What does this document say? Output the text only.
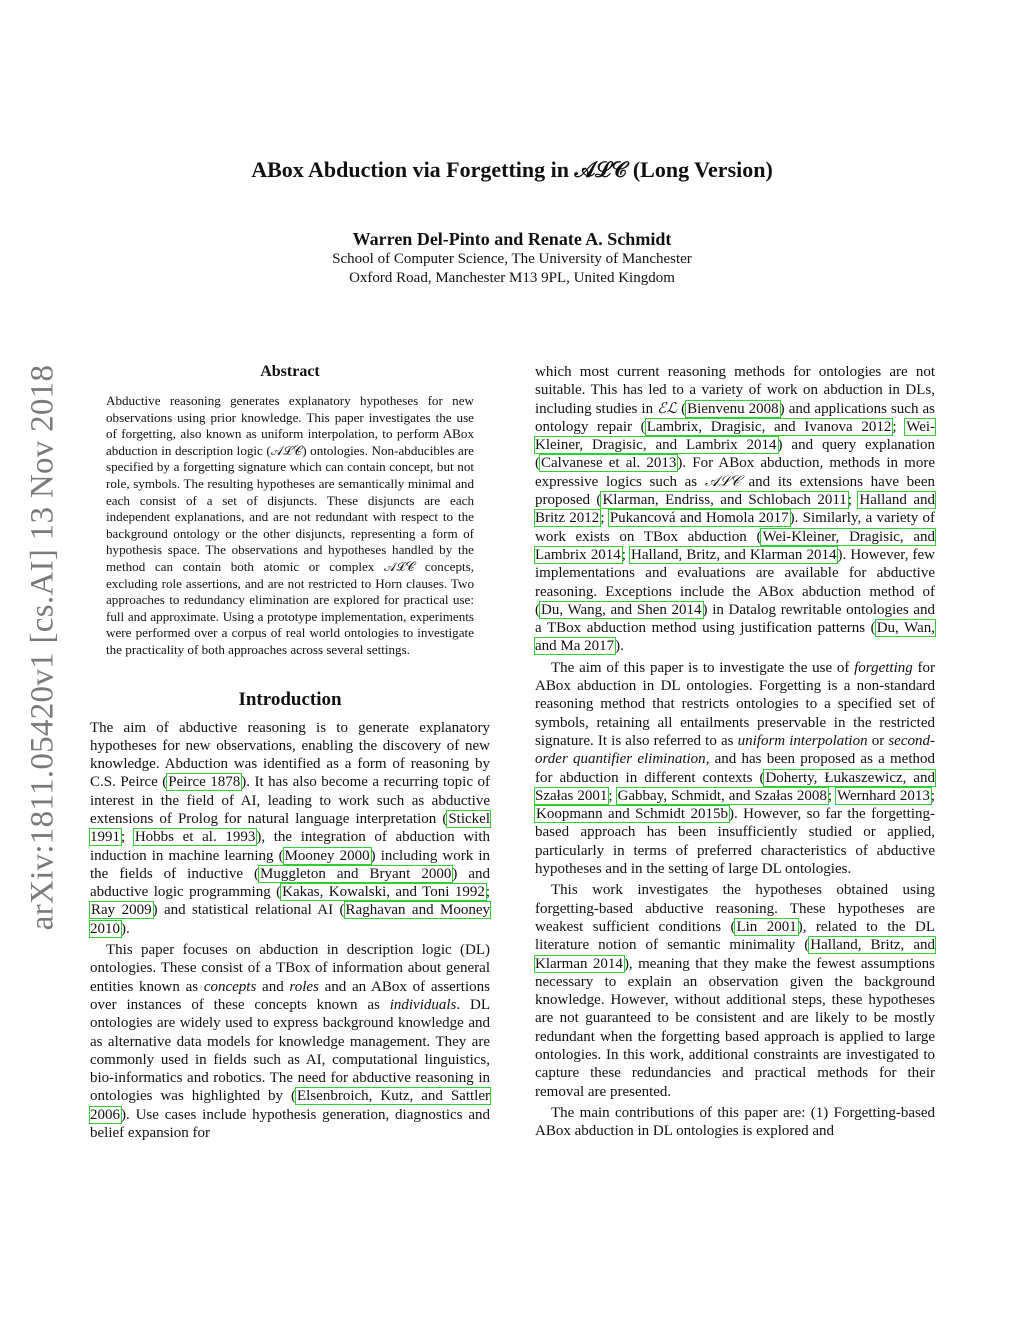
arXiv:1811.05420v1 [cs.AI] 13 Nov 2018
ABox Abduction via Forgetting in 𝒜ℒ𝒞 (Long Version)
Warren Del-Pinto and Renate A. Schmidt
School of Computer Science, The University of Manchester
Oxford Road, Manchester M13 9PL, United Kingdom
Abstract

Abductive reasoning generates explanatory hypotheses for new observations using prior knowledge. This paper investigates the use of forgetting, also known as uniform interpolation, to perform ABox abduction in description logic (𝒜ℒ𝒞) ontologies. Non-abducibles are specified by a forgetting signature which can contain concept, but not role, symbols. The resulting hypotheses are semantically minimal and each consist of a set of disjuncts. These disjuncts are each independent explanations, and are not redundant with respect to the background ontology or the other disjuncts, representing a form of hypothesis space. The observations and hypotheses handled by the method can contain both atomic or complex 𝒜ℒ𝒞 concepts, excluding role assertions, and are not restricted to Horn clauses. Two approaches to redundancy elimination are explored for practical use: full and approximate. Using a prototype implementation, experiments were performed over a corpus of real world ontologies to investigate the practicality of both approaches across several settings.

Introduction

The aim of abductive reasoning is to generate explanatory hypotheses for new observations, enabling the discovery of new knowledge. Abduction was identified as a form of reasoning by C.S. Peirce (Peirce 1878). It has also become a recurring topic of interest in the field of AI, leading to work such as abductive extensions of Prolog for natural language interpretation (Stickel 1991; Hobbs et al. 1993), the integration of abduction with induction in machine learning (Mooney 2000) including work in the fields of inductive (Muggleton and Bryant 2000) and abductive logic programming (Kakas, Kowalski, and Toni 1992; Ray 2009) and statistical relational AI (Raghavan and Mooney 2010).

This paper focuses on abduction in description logic (DL) ontologies. These consist of a TBox of information about general entities known as concepts and roles and an ABox of assertions over instances of these concepts known as individuals. DL ontologies are widely used to express background knowledge and as alternative data models for knowledge management. They are commonly used in fields such as AI, computational linguistics, bio-informatics and robotics. The need for abductive reasoning in ontologies was highlighted by (Elsenbroich, Kutz, and Sattler 2006). Use cases include hypothesis generation, diagnostics and belief expansion for

which most current reasoning methods for ontologies are not suitable. This has led to a variety of work on abduction in DLs, including studies in ℰℒ (Bienvenu 2008) and applications such as ontology repair (Lambrix, Dragisic, and Ivanova 2012; Wei-Kleiner, Dragisic, and Lambrix 2014) and query explanation (Calvanese et al. 2013). For ABox abduction, methods in more expressive logics such as 𝒜ℒ𝒞 and its extensions have been proposed (Klarman, Endriss, and Schlobach 2011; Halland and Britz 2012; Pukancová and Homola 2017). Similarly, a variety of work exists on TBox abduction (Wei-Kleiner, Dragisic, and Lambrix 2014; Halland, Britz, and Klarman 2014). However, few implementations and evaluations are available for abductive reasoning. Exceptions include the ABox abduction method of (Du, Wang, and Shen 2014) in Datalog rewritable ontologies and a TBox abduction method using justification patterns (Du, Wan, and Ma 2017).

The aim of this paper is to investigate the use of forgetting for ABox abduction in DL ontologies. Forgetting is a non-standard reasoning method that restricts ontologies to a specified set of symbols, retaining all entailments preservable in the restricted signature. It is also referred to as uniform interpolation or second-order quantifier elimination, and has been proposed as a method for abduction in different contexts (Doherty, Łukaszewicz, and Szałas 2001; Gabbay, Schmidt, and Szałas 2008; Wernhard 2013; Koopmann and Schmidt 2015b). However, so far the forgetting-based approach has been insufficiently studied or applied, particularly in terms of preferred characteristics of abductive hypotheses and in the setting of large DL ontologies.

This work investigates the hypotheses obtained using forgetting-based abductive reasoning. These hypotheses are weakest sufficient conditions (Lin 2001), related to the DL literature notion of semantic minimality (Halland, Britz, and Klarman 2014), meaning that they make the fewest assumptions necessary to explain an observation given the background knowledge. However, without additional steps, these hypotheses are not guaranteed to be consistent and are likely to be mostly redundant when the forgetting based approach is applied to large ontologies. In this work, additional constraints are investigated to capture these redundancies and practical methods for their removal are presented.

The main contributions of this paper are: (1) Forgetting-based ABox abduction in DL ontologies is explored and
